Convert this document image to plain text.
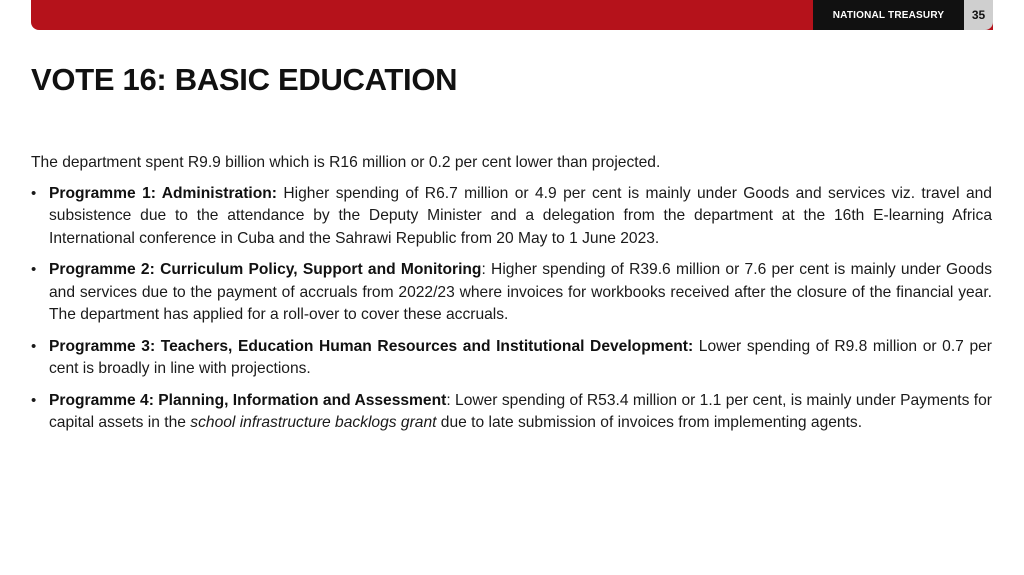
NATIONAL TREASURY	35
VOTE 16: BASIC EDUCATION

The department spent R9.9 billion which is R16 million or 0.2 per cent lower than projected.

• Programme 1: Administration: Higher spending of R6.7 million or 4.9 per cent is mainly under Goods and services viz. travel and subsistence due to the attendance by the Deputy Minister and a delegation from the department at the 16th E-learning Africa International conference in Cuba and the Sahrawi Republic from 20 May to 1 June 2023.
• Programme 2: Curriculum Policy, Support and Monitoring: Higher spending of R39.6 million or 7.6 per cent is mainly under Goods and services due to the payment of accruals from 2022/23 where invoices for workbooks received after the closure of the financial year. The department has applied for a roll-over to cover these accruals.
• Programme 3: Teachers, Education Human Resources and Institutional Development: Lower spending of R9.8 million or 0.7 per cent is broadly in line with projections.
• Programme 4: Planning, Information and Assessment: Lower spending of R53.4 million or 1.1 per cent, is mainly under Payments for capital assets in the school infrastructure backlogs grant due to late submission of invoices from implementing agents.
